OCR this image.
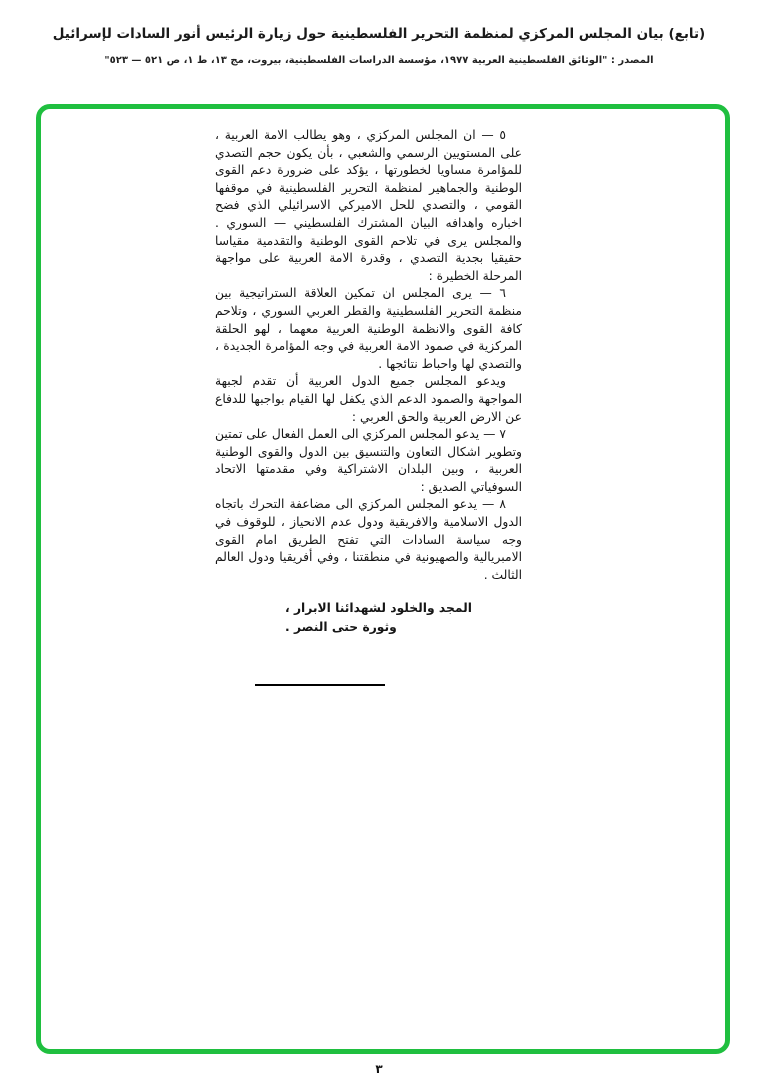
(تابع) بيان المجلس المركزي لمنظمة التحرير الفلسطينية حول زيارة الرئيس أنور السادات لإسرائيل
المصدر : "الوثائق الفلسطينية العربية ١٩٧٧، مؤسسة الدراسات الفلسطينية، بيروت، مج ١٣، ط ١، ص ٥٢١ — ٥٢٣"

٥ — ان المجلس المركزي ، وهو يطالب الامة العربية ، على المستويين الرسمي والشعبي ، بأن يكون حجم التصدي للمؤامرة مساويا لخطورتها ، يؤكد على ضرورة دعم القوى الوطنية والجماهير لمنظمة التحرير الفلسطينية في موقفها القومي ، والتصدي للحل الاميركي الاسرائيلي الذي فضح اخباره واهدافه البيان المشترك الفلسطيني — السوري . والمجلس يرى في تلاحم القوى الوطنية والتقدمية مقياسا حقيقيا بجدية التصدي ، وقدرة الامة العربية على مواجهة المرحلة الخطيرة :

٦ — يرى المجلس ان تمكين العلاقة الستراتيجية بين منظمة التحرير الفلسطينية والقطر العربي السوري ، وتلاحم كافة القوى والانظمة الوطنية العربية معهما ، لهو الحلقة المركزية في صمود الامة العربية في وجه المؤامرة الجديدة ، والتصدي لها واحباط نتائجها .

ويدعو المجلس جميع الدول العربية أن تقدم لجبهة المواجهة والصمود الدعم الذي يكفل لها القيام بواجبها للدفاع عن الارض العربية والحق العربي :

٧ — يدعو المجلس المركزي الى العمل الفعال على تمتين وتطوير اشكال التعاون والتنسيق بين الدول والقوى الوطنية العربية ، وبين البلدان الاشتراكية وفي مقدمتها الاتحاد السوفياتي الصديق :

٨ — يدعو المجلس المركزي الى مضاعفة التحرك باتجاه الدول الاسلامية والافريقية ودول عدم الانحياز ، للوقوف في وجه سياسة السادات التي تفتح الطريق امام القوى الامبريالية والصهيونية في منطقتنا ، وفي أفريقيا ودول العالم الثالث .

المجد والخلود لشهدائنا الابرار ،

وثورة حتى النصر .

٣
